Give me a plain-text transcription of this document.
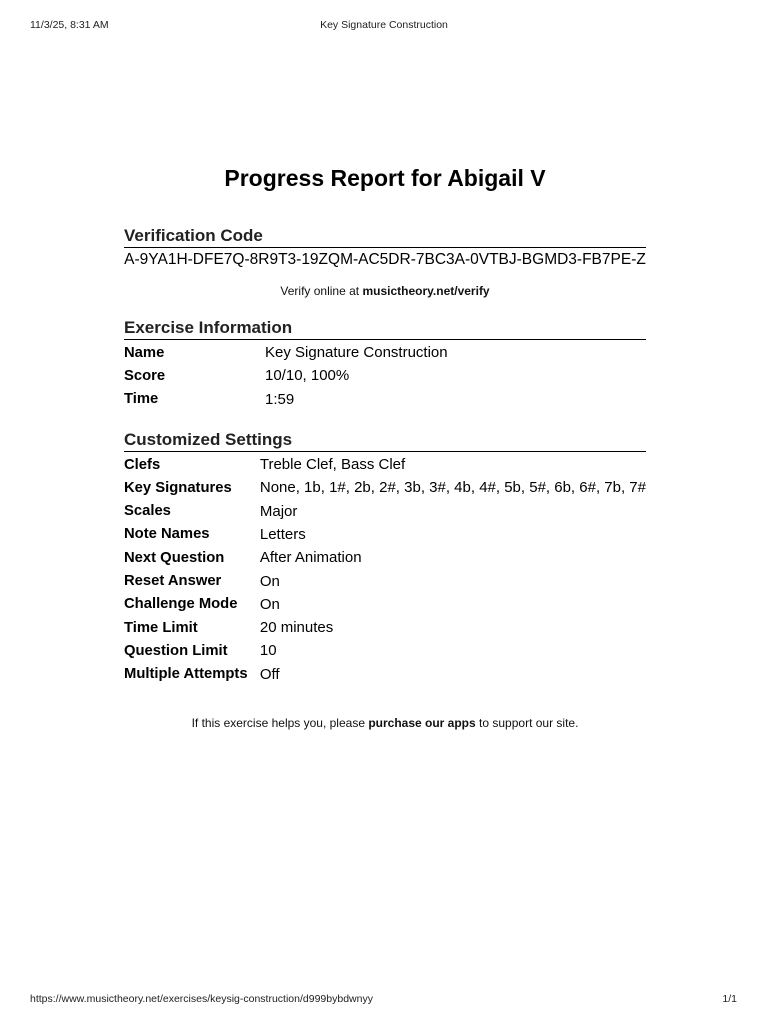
11/3/25, 8:31 AM	Key Signature Construction
Progress Report for Abigail V
Verification Code
A-9YA1H-DFE7Q-8R9T3-19ZQM-AC5DR-7BC3A-0VTBJ-BGMD3-FB7PE-Z
Verify online at musictheory.net/verify
Exercise Information
Name	Key Signature Construction
Score	10/10, 100%
Time	1:59
Customized Settings
Clefs	Treble Clef, Bass Clef
Key Signatures	None, 1b, 1#, 2b, 2#, 3b, 3#, 4b, 4#, 5b, 5#, 6b, 6#, 7b, 7#
Scales	Major
Note Names	Letters
Next Question	After Animation
Reset Answer	On
Challenge Mode	On
Time Limit	20 minutes
Question Limit	10
Multiple Attempts	Off
If this exercise helps you, please purchase our apps to support our site.
https://www.musictheory.net/exercises/keysig-construction/d999bybdwnyy	1/1
